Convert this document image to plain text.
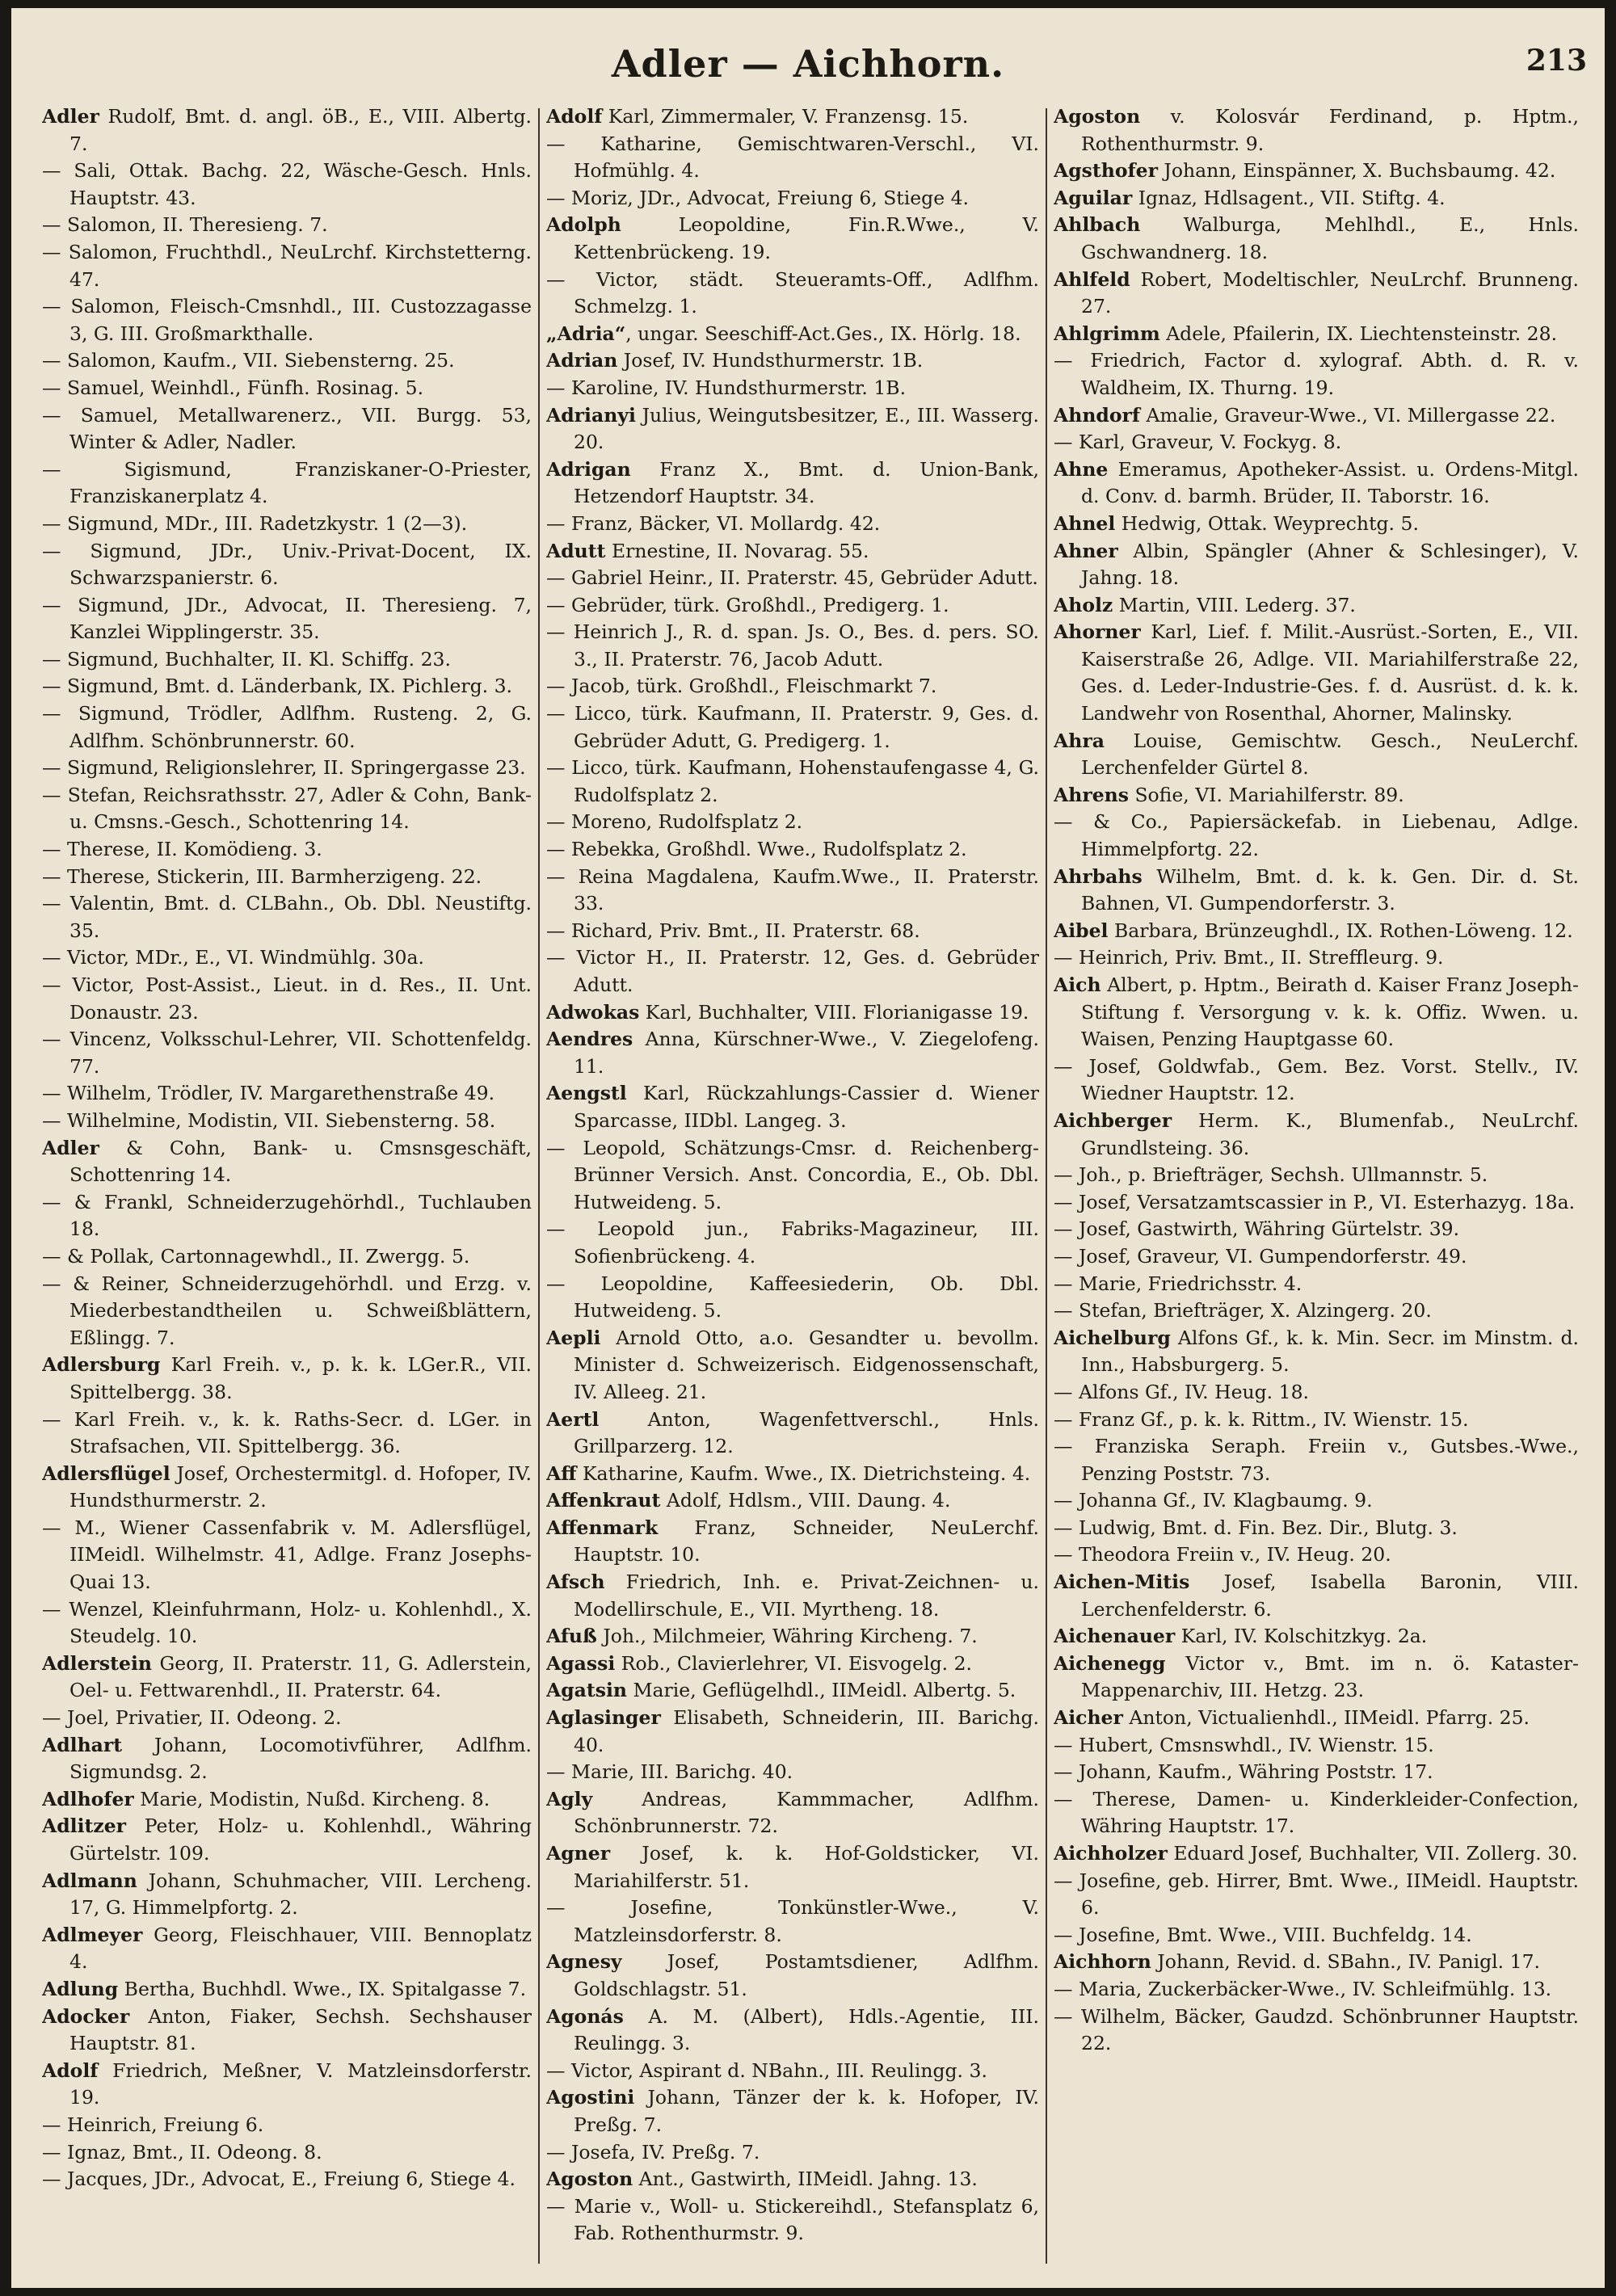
Adler — Aichhorn.	213
Adler Rudolf, Bmt. d. angl. öB., E., VIII. Albertg. 7.
— Sali, Ottak. Bachg. 22, Wäsche-Gesch. Hnls. Hauptstr. 43.
— Salomon, II. Theresieng. 7.
— Salomon, Fruchthdl., NeuLrchf. Kirchstetterng. 47.
— Salomon, Fleisch-Cmsnhdl., III. Custozzagasse 3, G. III. Großmarkthalle.
— Salomon, Kaufm., VII. Siebensterng. 25.
— Samuel, Weinhdl., Fünfh. Rosinag. 5.
— Samuel, Metallwarenerz., VII. Burgg. 53, Winter & Adler, Nadler.
— Sigismund, Franziskaner-O-Priester, Franziskanerplatz 4.
— Sigmund, MDr., III. Radetzkystr. 1 (2—3).
— Sigmund, JDr., Univ.-Privat-Docent, IX. Schwarzspanierstr. 6.
— Sigmund, JDr., Advocat, II. Theresieng. 7, Kanzlei Wipplingerstr. 35.
— Sigmund, Buchhalter, II. Kl. Schiffg. 23.
— Sigmund, Bmt. d. Länderbank, IX. Pichlerg. 3.
— Sigmund, Trödler, Adlfhm. Rusteng. 2, G. Adlfhm. Schönbrunnerstr. 60.
— Sigmund, Religionslehrer, II. Springergasse 23.
— Stefan, Reichsrathsstr. 27, Adler & Cohn, Bank- u. Cmsns.-Gesch., Schottenring 14.
— Therese, II. Komödieng. 3.
— Therese, Stickerin, III. Barmherzigeng. 22.
— Valentin, Bmt. d. CLBahn., Ob. Dbl. Neustiftg. 35.
— Victor, MDr., E., VI. Windmühlg. 30a.
— Victor, Post-Assist., Lieut. in d. Res., II. Unt. Donaustr. 23.
— Vincenz, Volksschul-Lehrer, VII. Schottenfeldg. 77.
— Wilhelm, Trödler, IV. Margarethenstraße 49.
— Wilhelmine, Modistin, VII. Siebensterng. 58.
Adler & Cohn, Bank- u. Cmsnsgeschäft, Schottenring 14.
— & Frankl, Schneiderzugehörhdl., Tuchlauben 18.
— & Pollak, Cartonnagewhdl., II. Zwergg. 5.
— & Reiner, Schneiderzugehörhdl. und Erzg. v. Miederbestandtheilen u. Schweißblättern, Eßlingg. 7.
Adlersburg Karl Freih. v., p. k. k. LGer.R., VII. Spittelbergg. 38.
— Karl Freih. v., k. k. Raths-Secr. d. LGer. in Strafsachen, VII. Spittelbergg. 36.
Adlersflügel Josef, Orchestermitgl. d. Hofoper, IV. Hundsthurmerstr. 2.
— M., Wiener Cassenfabrik v. M. Adlersflügel, IIMeidl. Wilhelmstr. 41, Adlge. Franz Josephs-Quai 13.
— Wenzel, Kleinfuhrmann, Holz- u. Kohlenhdl., X. Steudelg. 10.
Adlerstein Georg, II. Praterstr. 11, G. Adlerstein, Oel- u. Fettwarenhdl., II. Praterstr. 64.
— Joel, Privatier, II. Odeong. 2.
Adlhart Johann, Locomotivführer, Adlfhm. Sigmundsg. 2.
Adlhofer Marie, Modistin, Nußd. Kircheng. 8.
Adlitzer Peter, Holz- u. Kohlenhdl., Währing Gürtelstr. 109.
Adlmann Johann, Schuhmacher, VIII. Lercheng. 17, G. Himmelpfortg. 2.
Adlmeyer Georg, Fleischhauer, VIII. Bennoplatz 4.
Adlung Bertha, Buchhdl. Wwe., IX. Spitalgasse 7.
Adocker Anton, Fiaker, Sechsh. Sechshauser Hauptstr. 81.
Adolf Friedrich, Meßner, V. Matzleinsdorferstr. 19.
— Heinrich, Freiung 6.
— Ignaz, Bmt., II. Odeong. 8.
— Jacques, JDr., Advocat, E., Freiung 6, Stiege 4.
Adolf Karl, Zimmermaler, V. Franzensg. 15.
— Katharine, Gemischtwaren-Verschl., VI. Hofmühlg. 4.
— Moriz, JDr., Advocat, Freiung 6, Stiege 4.
Adolph Leopoldine, Fin.R.Wwe., V. Kettenbrückeng. 19.
— Victor, städt. Steueramts-Off., Adlfhm. Schmelzg. 1.
„Adria“, ungar. Seeschiff-Act.Ges., IX. Hörlg. 18.
Adrian Josef, IV. Hundsthurmerstr. 1B.
— Karoline, IV. Hundsthurmerstr. 1B.
Adrianyi Julius, Weingutsbesitzer, E., III. Wasserg. 20.
Adrigan Franz X., Bmt. d. Union-Bank, Hetzendorf Hauptstr. 34.
— Franz, Bäcker, VI. Mollardg. 42.
Adutt Ernestine, II. Novarag. 55.
— Gabriel Heinr., II. Praterstr. 45, Gebrüder Adutt.
— Gebrüder, türk. Großhdl., Predigerg. 1.
— Heinrich J., R. d. span. Js. O., Bes. d. pers. SO. 3., II. Praterstr. 76, Jacob Adutt.
— Jacob, türk. Großhdl., Fleischmarkt 7.
— Licco, türk. Kaufmann, II. Praterstr. 9, Ges. d. Gebrüder Adutt, G. Predigerg. 1.
— Licco, türk. Kaufmann, Hohenstaufengasse 4, G. Rudolfsplatz 2.
— Moreno, Rudolfsplatz 2.
— Rebekka, Großhdl. Wwe., Rudolfsplatz 2.
— Reina Magdalena, Kaufm.Wwe., II. Praterstr. 33.
— Richard, Priv. Bmt., II. Praterstr. 68.
— Victor H., II. Praterstr. 12, Ges. d. Gebrüder Adutt.
Adwokas Karl, Buchhalter, VIII. Florianigasse 19.
Aendres Anna, Kürschner-Wwe., V. Ziegelofeng. 11.
Aengstl Karl, Rückzahlungs-Cassier d. Wiener Sparcasse, IIDbl. Langeg. 3.
— Leopold, Schätzungs-Cmsr. d. Reichenberg-Brünner Versich. Anst. Concordia, E., Ob. Dbl. Hutweideng. 5.
— Leopold jun., Fabriks-Magazineur, III. Sofienbrückeng. 4.
— Leopoldine, Kaffeesiederin, Ob. Dbl. Hutweideng. 5.
Aepli Arnold Otto, a.o. Gesandter u. bevollm. Minister d. Schweizerisch. Eidgenossenschaft, IV. Alleeg. 21.
Aertl Anton, Wagenfettverschl., Hnls. Grillparzerg. 12.
Aff Katharine, Kaufm. Wwe., IX. Dietrichsteing. 4.
Affenkraut Adolf, Hdlsm., VIII. Daung. 4.
Affenmark Franz, Schneider, NeuLerchf. Hauptstr. 10.
Afsch Friedrich, Inh. e. Privat-Zeichnen- u. Modellirschule, E., VII. Myrtheng. 18.
Afuß Joh., Milchmeier, Währing Kircheng. 7.
Agassi Rob., Clavierlehrer, VI. Eisvogelg. 2.
Agatsin Marie, Geflügelhdl., IIMeidl. Albertg. 5.
Aglasinger Elisabeth, Schneiderin, III. Barichg. 40.
— Marie, III. Barichg. 40.
Agly Andreas, Kammmacher, Adlfhm. Schönbrunnerstr. 72.
Agner Josef, k. k. Hof-Goldsticker, VI. Mariahilferstr. 51.
— Josefine, Tonkünstler-Wwe., V. Matzleinsdorferstr. 8.
Agnesy Josef, Postamtsdiener, Adlfhm. Goldschlagstr. 51.
Agonás A. M. (Albert), Hdls.-Agentie, III. Reulingg. 3.
— Victor, Aspirant d. NBahn., III. Reulingg. 3.
Agostini Johann, Tänzer der k. k. Hofoper, IV. Preßg. 7.
— Josefa, IV. Preßg. 7.
Agoston Ant., Gastwirth, IIMeidl. Jahng. 13.
— Marie v., Woll- u. Stickereihdl., Stefansplatz 6, Fab. Rothenthurmstr. 9.
Agoston v. Kolosvár Ferdinand, p. Hptm., Rothenthurmstr. 9.
Agsthofer Johann, Einspänner, X. Buchsbaumg. 42.
Aguilar Ignaz, Hdlsagent., VII. Stiftg. 4.
Ahlbach Walburga, Mehlhdl., E., Hnls. Gschwandnerg. 18.
Ahlfeld Robert, Modeltischler, NeuLrchf. Brunneng. 27.
Ahlgrimm Adele, Pfailerin, IX. Liechtensteinstr. 28.
— Friedrich, Factor d. xylograf. Abth. d. R. v. Waldheim, IX. Thurng. 19.
Ahndorf Amalie, Graveur-Wwe., VI. Millergasse 22.
— Karl, Graveur, V. Fockyg. 8.
Ahne Emeramus, Apotheker-Assist. u. Ordens-Mitgl. d. Conv. d. barmh. Brüder, II. Taborstr. 16.
Ahnel Hedwig, Ottak. Weyprechtg. 5.
Ahner Albin, Spängler (Ahner & Schlesinger), V. Jahng. 18.
Aholz Martin, VIII. Lederg. 37.
Ahorner Karl, Lief. f. Milit.-Ausrüst.-Sorten, E., VII. Kaiserstraße 26, Adlge. VII. Mariahilferstraße 22, Ges. d. Leder-Industrie-Ges. f. d. Ausrüst. d. k. k. Landwehr von Rosenthal, Ahorner, Malinsky.
Ahra Louise, Gemischtw. Gesch., NeuLerchf. Lerchenfelder Gürtel 8.
Ahrens Sofie, VI. Mariahilferstr. 89.
— & Co., Papiersäckefab. in Liebenau, Adlge. Himmelpfortg. 22.
Ahrbahs Wilhelm, Bmt. d. k. k. Gen. Dir. d. St. Bahnen, VI. Gumpendorferstr. 3.
Aibel Barbara, Brünzeughdl., IX. Rothen-Löweng. 12.
— Heinrich, Priv. Bmt., II. Streffleurg. 9.
Aich Albert, p. Hptm., Beirath d. Kaiser Franz Joseph-Stiftung f. Versorgung v. k. k. Offiz. Wwen. u. Waisen, Penzing Hauptgasse 60.
— Josef, Goldwfab., Gem. Bez. Vorst. Stellv., IV. Wiedner Hauptstr. 12.
Aichberger Herm. K., Blumenfab., NeuLrchf. Grundlsteing. 36.
— Joh., p. Briefträger, Sechsh. Ullmannstr. 5.
— Josef, Versatzamtscassier in P., VI. Esterhazyg. 18a.
— Josef, Gastwirth, Währing Gürtelstr. 39.
— Josef, Graveur, VI. Gumpendorferstr. 49.
— Marie, Friedrichsstr. 4.
— Stefan, Briefträger, X. Alzingerg. 20.
Aichelburg Alfons Gf., k. k. Min. Secr. im Minstm. d. Inn., Habsburgerg. 5.
— Alfons Gf., IV. Heug. 18.
— Franz Gf., p. k. k. Rittm., IV. Wienstr. 15.
— Franziska Seraph. Freiin v., Gutsbes.-Wwe., Penzing Poststr. 73.
— Johanna Gf., IV. Klagbaumg. 9.
— Ludwig, Bmt. d. Fin. Bez. Dir., Blutg. 3.
— Theodora Freiin v., IV. Heug. 20.
Aichen-Mitis Josef, Isabella Baronin, VIII. Lerchenfelderstr. 6.
Aichenauer Karl, IV. Kolschitzkyg. 2a.
Aichenegg Victor v., Bmt. im n. ö. Kataster-Mappenarchiv, III. Hetzg. 23.
Aicher Anton, Victualienhdl., IIMeidl. Pfarrg. 25.
— Hubert, Cmsnswhdl., IV. Wienstr. 15.
— Johann, Kaufm., Währing Poststr. 17.
— Therese, Damen- u. Kinderkleider-Confection, Währing Hauptstr. 17.
Aichholzer Eduard Josef, Buchhalter, VII. Zollerg. 30.
— Josefine, geb. Hirrer, Bmt. Wwe., IIMeidl. Hauptstr. 6.
— Josefine, Bmt. Wwe., VIII. Buchfeldg. 14.
Aichhorn Johann, Revid. d. SBahn., IV. Panigl. 17.
— Maria, Zuckerbäcker-Wwe., IV. Schleifmühlg. 13.
— Wilhelm, Bäcker, Gaudzd. Schönbrunner Hauptstr. 22.
